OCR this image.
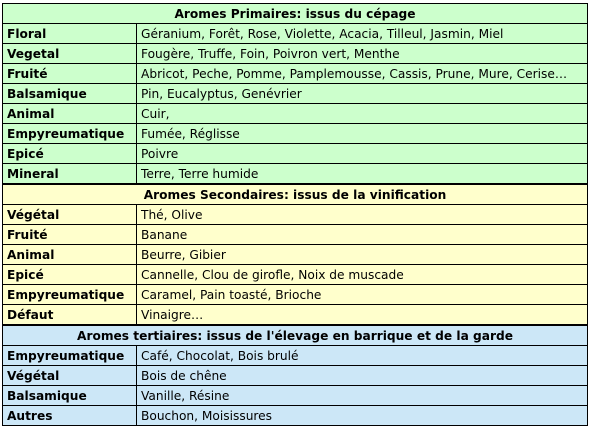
Aromes Primaires: issus du cépage	
Floral	Géranium, Forêt, Rose, Violette, Acacia, Tilleul, Jasmin, Miel
Vegetal	Fougère, Truffe, Foin, Poivron vert, Menthe
Fruité	Abricot, Peche, Pomme, Pamplemousse, Cassis, Prune, Mure, Cerise…
Balsamique	Pin, Eucalyptus, Genévrier
Animal	Cuir,
Empyreumatique	Fumée, Réglisse
Epicé	Poivre
Mineral	Terre, Terre humide
Aromes Secondaires: issus de la vinification	
Végétal	Thé, Olive
Fruité	Banane
Animal	Beurre, Gibier
Epicé	Cannelle, Clou de girofle, Noix de muscade
Empyreumatique	Caramel, Pain toasté, Brioche
Défaut	Vinaigre…
Aromes tertiaires: issus de l'élevage en barrique et de la garde	
Empyreumatique	Café, Chocolat, Bois brulé
Végétal	Bois de chêne
Balsamique	Vanille, Résine
Autres	Bouchon, Moisissures
